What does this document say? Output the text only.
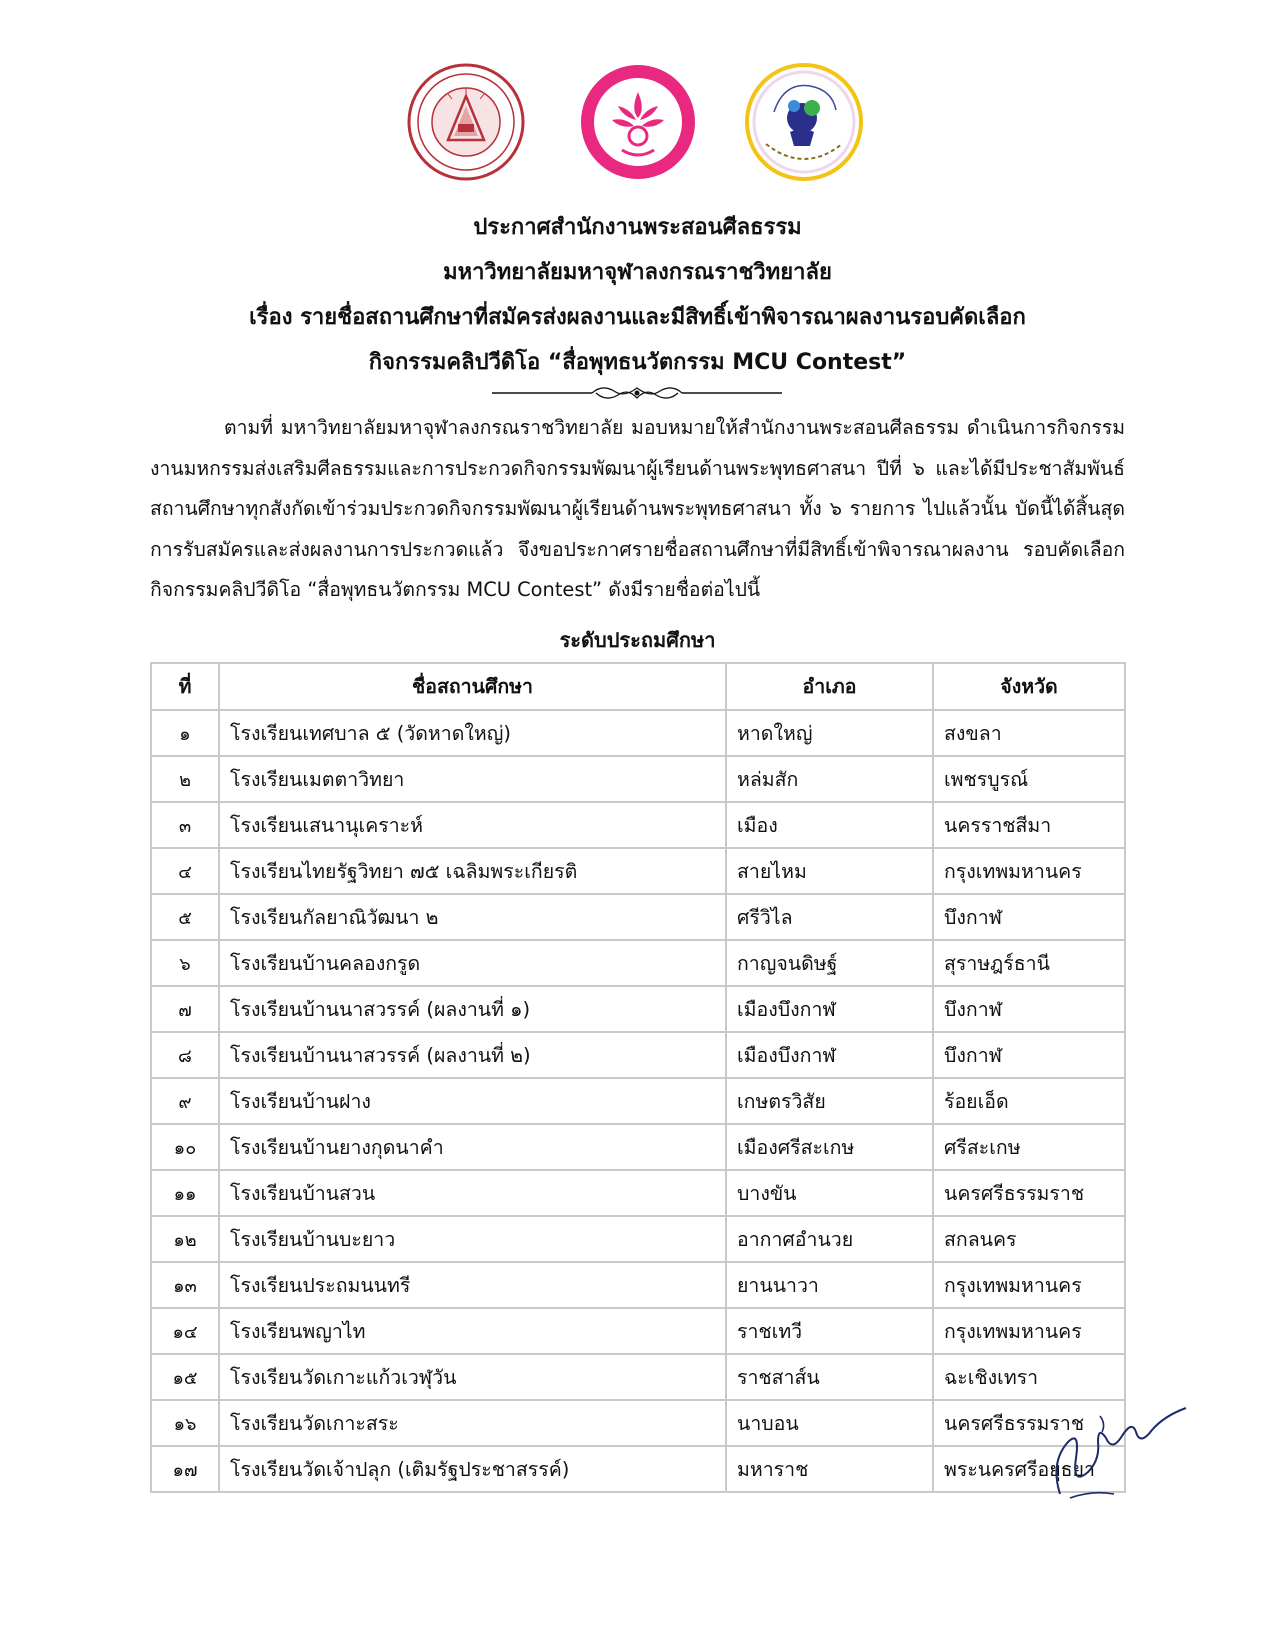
ประกาศสำนักงานพระสอนศีลธรรม
มหาวิทยาลัยมหาจุฬาลงกรณราชวิทยาลัย
เรื่อง รายชื่อสถานศึกษาที่สมัครส่งผลงานและมีสิทธิ์เข้าพิจารณาผลงานรอบคัดเลือก
กิจกรรมคลิปวีดิโอ “สื่อพุทธนวัตกรรม MCU Contest”

ตามที่ มหาวิทยาลัยมหาจุฬาลงกรณราชวิทยาลัย มอบหมายให้สำนักงานพระสอนศีลธรรม ดำเนินการกิจกรรมงานมหกรรมส่งเสริมศีลธรรมและการประกวดกิจกรรมพัฒนาผู้เรียนด้านพระพุทธศาสนา ปีที่ ๖ และได้มีประชาสัมพันธ์สถานศึกษาทุกสังกัดเข้าร่วมประกวดกิจกรรมพัฒนาผู้เรียนด้านพระพุทธศาสนา ทั้ง ๖ รายการ ไปแล้วนั้น บัดนี้ได้สิ้นสุดการรับสมัครและส่งผลงานการประกวดแล้ว จึงขอประกาศรายชื่อสถานศึกษาที่มีสิทธิ์เข้าพิจารณาผลงาน รอบคัดเลือก กิจกรรมคลิปวีดิโอ “สื่อพุทธนวัตกรรม MCU Contest” ดังมีรายชื่อต่อไปนี้

ระดับประถมศึกษา
ที่	ชื่อสถานศึกษา	อำเภอ	จังหวัด
๑	โรงเรียนเทศบาล ๕ (วัดหาดใหญ่)	หาดใหญ่	สงขลา
๒	โรงเรียนเมตตาวิทยา	หล่มสัก	เพชรบูรณ์
๓	โรงเรียนเสนานุเคราะห์	เมือง	นครราชสีมา
๔	โรงเรียนไทยรัฐวิทยา ๗๕ เฉลิมพระเกียรติ	สายไหม	กรุงเทพมหานคร
๕	โรงเรียนกัลยาณิวัฒนา ๒	ศรีวิไล	บึงกาฬ
๖	โรงเรียนบ้านคลองกรูด	กาญจนดิษฐ์	สุราษฎร์ธานี
๗	โรงเรียนบ้านนาสวรรค์ (ผลงานที่ ๑)	เมืองบึงกาฬ	บึงกาฬ
๘	โรงเรียนบ้านนาสวรรค์ (ผลงานที่ ๒)	เมืองบึงกาฬ	บึงกาฬ
๙	โรงเรียนบ้านฝาง	เกษตรวิสัย	ร้อยเอ็ด
๑๐	โรงเรียนบ้านยางกุดนาคำ	เมืองศรีสะเกษ	ศรีสะเกษ
๑๑	โรงเรียนบ้านสวน	บางขัน	นครศรีธรรมราช
๑๒	โรงเรียนบ้านบะยาว	อากาศอำนวย	สกลนคร
๑๓	โรงเรียนประถมนนทรี	ยานนาวา	กรุงเทพมหานคร
๑๔	โรงเรียนพญาไท	ราชเทวี	กรุงเทพมหานคร
๑๕	โรงเรียนวัดเกาะแก้วเวฬุวัน	ราชสาส์น	ฉะเชิงเทรา
๑๖	โรงเรียนวัดเกาะสระ	นาบอน	นครศรีธรรมราช
๑๗	โรงเรียนวัดเจ้าปลุก (เติมรัฐประชาสรรค์)	มหาราช	พระนครศรีอยุธยา
